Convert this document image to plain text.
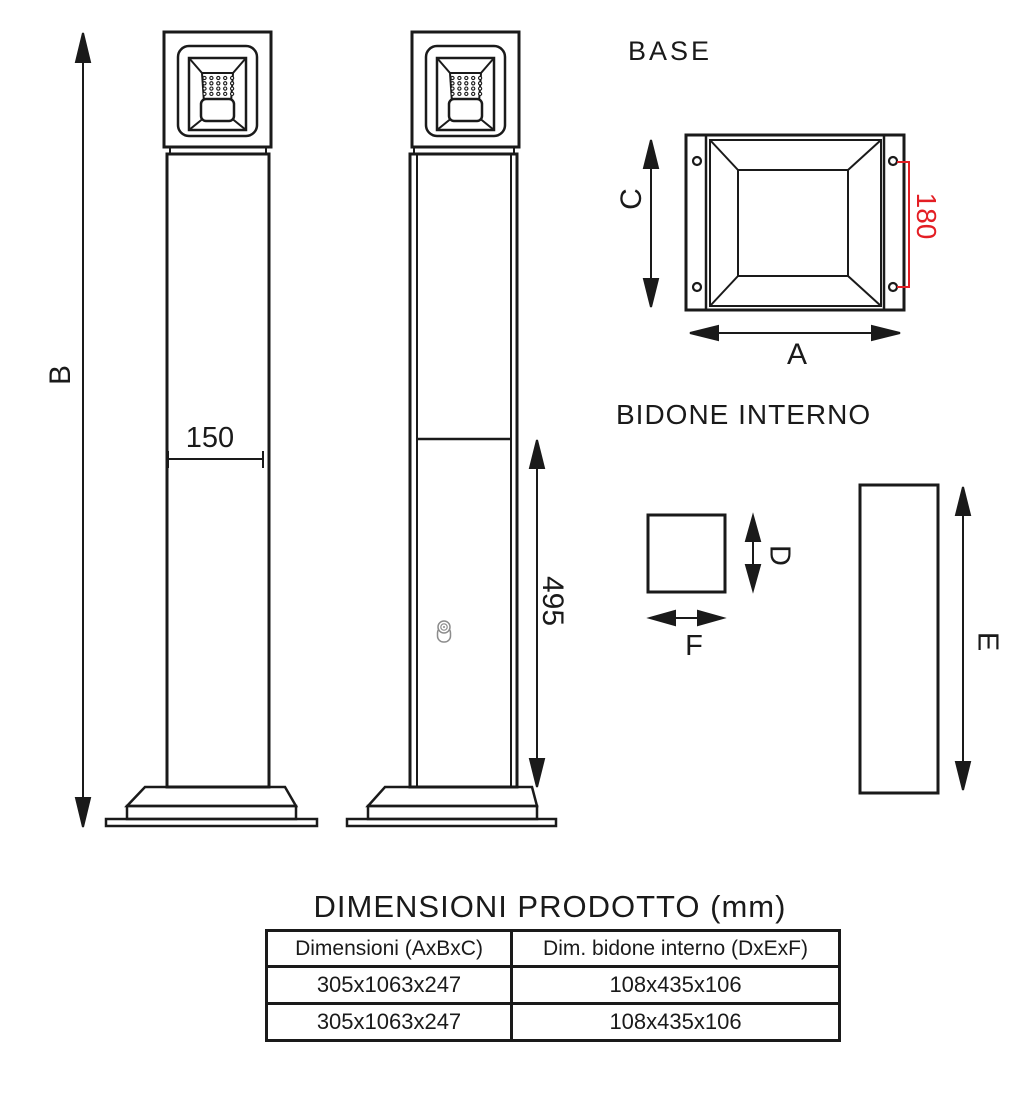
B
150
495
BASE
C
A
180
BIDONE INTERNO
D
F	E
DIMENSIONI PRODOTTO (mm)
Dimensioni (AxBxC)	Dim. bidone interno (DxExF)
305x1063x247	108x435x106
305x1063x247	108x435x106
